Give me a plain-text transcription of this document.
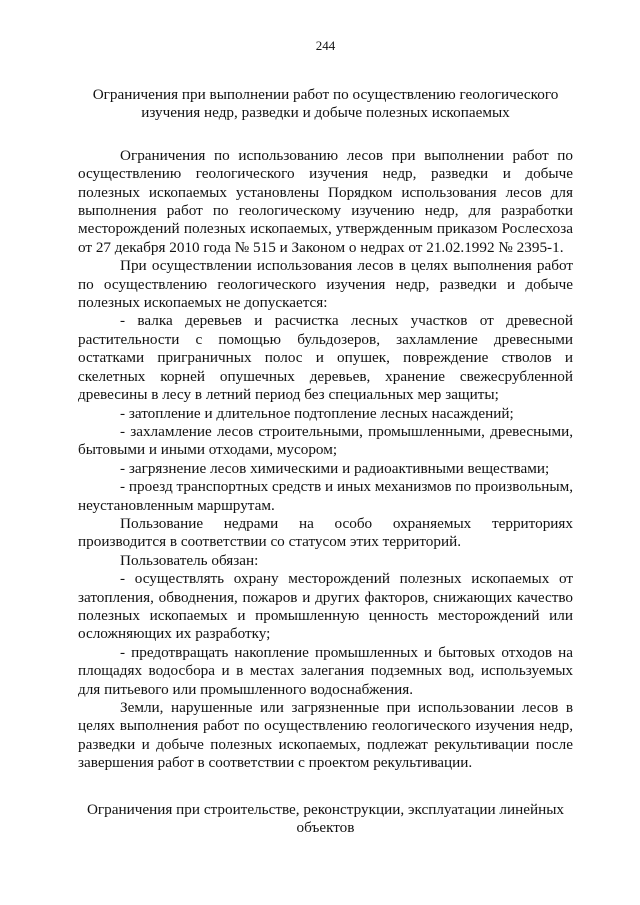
244
Ограничения при выполнении работ по осуществлению геологического изучения недр, разведки и добыче полезных ископаемых

Ограничения по использованию лесов при выполнении работ по осуществлению геологического изучения недр, разведки и добыче полезных ископаемых установлены Порядком использования лесов для выполнения работ по геологическому изучению недр, для разработки месторождений полезных ископаемых, утвержденным приказом Рослесхоза от 27 декабря 2010 года № 515 и Законом о недрах от 21.02.1992 № 2395-1.

При осуществлении использования лесов в целях выполнения работ по осуществлению геологического изучения недр, разведки и добыче полезных ископаемых не допускается:

- валка деревьев и расчистка лесных участков от древесной растительности с помощью бульдозеров, захламление древесными остатками приграничных полос и опушек, повреждение стволов и скелетных корней опушечных деревьев, хранение свежесрубленной древесины в лесу в летний период без специальных мер защиты;

- затопление и длительное подтопление лесных насаждений;

- захламление лесов строительными, промышленными, древесными, бытовыми и иными отходами, мусором;

- загрязнение лесов химическими и радиоактивными веществами;

- проезд транспортных средств и иных механизмов по произвольным, неустановленным маршрутам.

Пользование недрами на особо охраняемых территориях производится в соответствии со статусом этих территорий.

Пользователь обязан:

- осуществлять охрану месторождений полезных ископаемых от затопления, обводнения, пожаров и других факторов, снижающих качество полезных ископаемых и промышленную ценность месторождений или осложняющих их разработку;

- предотвращать накопление промышленных и бытовых отходов на площадях водосбора и в местах залегания подземных вод, используемых для питьевого или промышленного водоснабжения.

Земли, нарушенные или загрязненные при использовании лесов в целях выполнения работ по осуществлению геологического изучения недр, разведки и добыче полезных ископаемых, подлежат рекультивации после завершения работ в соответствии с проектом рекультивации.

Ограничения при строительстве, реконструкции, эксплуатации линейных объектов
